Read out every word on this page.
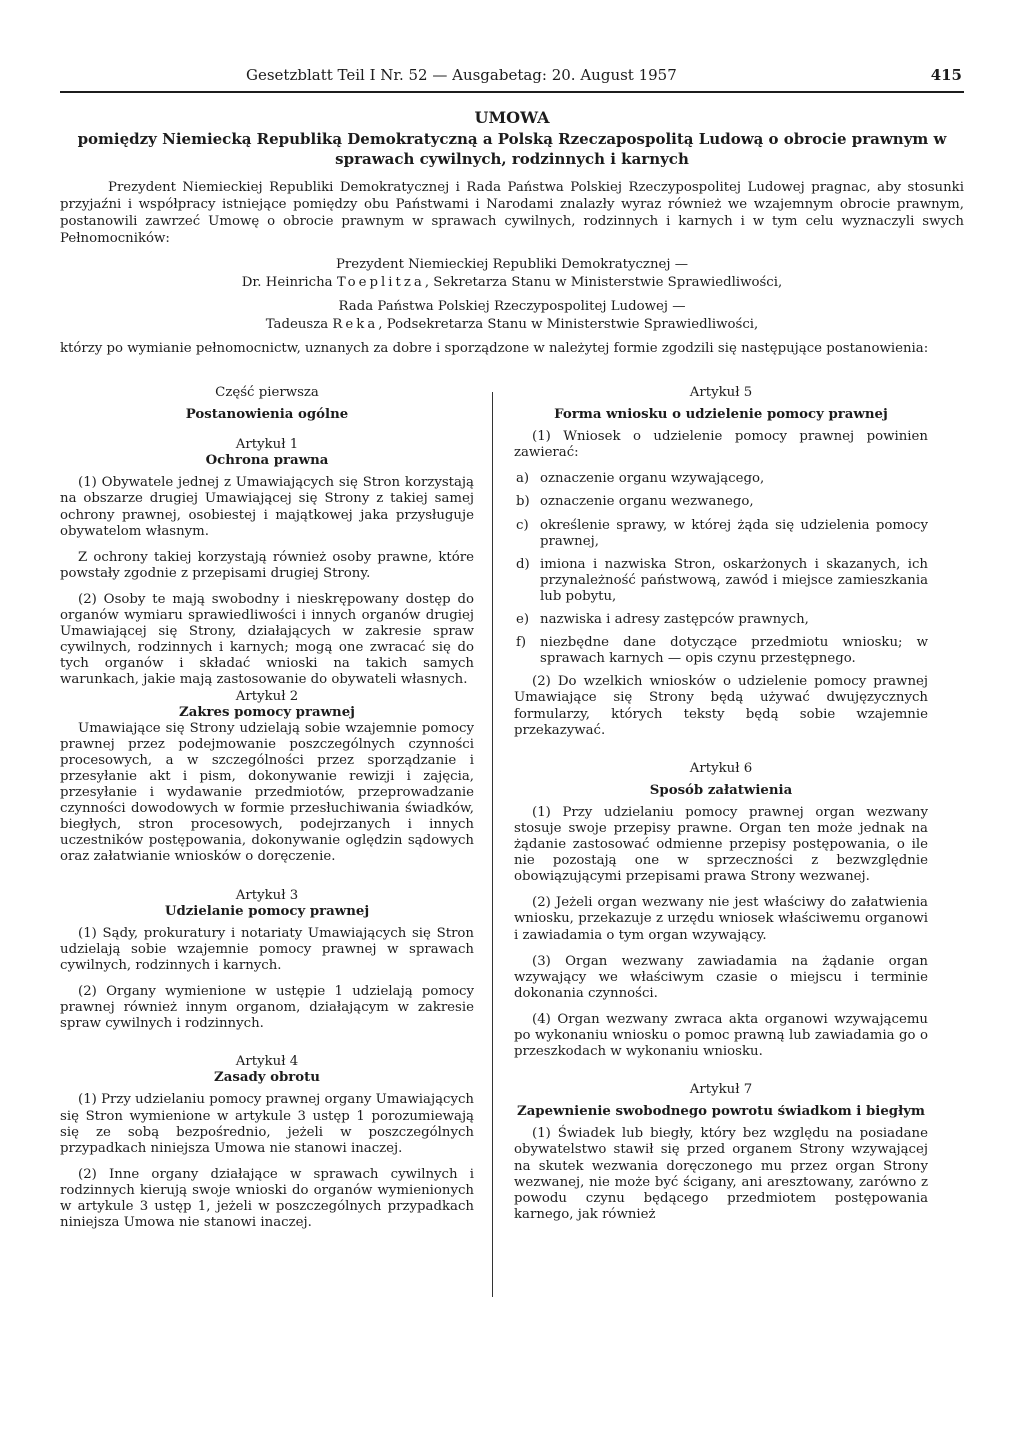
Gesetzblatt Teil I Nr. 52 — Ausgabetag: 20. August 1957	415
UMOWA
pomiędzy Niemiecką Republiką Demokratyczną a Polską Rzeczapospolitą Ludową o obrocie prawnym w sprawach cywilnych, rodzinnych i karnych
Prezydent Niemieckiej Republiki Demokratycznej i Rada Państwa Polskiej Rzeczypospolitej Ludowej pragnac, aby stosunki przyjaźni i współpracy istniejące pomiędzy obu Państwami i Narodami znalazły wyraz również we wzajemnym obrocie prawnym, postanowili zawrzeć Umowę o obrocie prawnym w sprawach cywilnych, rodzinnych i karnych i w tym celu wyznaczyli swych Pełnomocników:
Prezydent Niemieckiej Republiki Demokratycznej —
Dr. Heinricha Toeplitza, Sekretarza Stanu w Ministerstwie Sprawiedliwości,
Rada Państwa Polskiej Rzeczypospolitej Ludowej —
Tadeusza Reka, Podsekretarza Stanu w Ministerstwie Sprawiedliwości,
którzy po wymianie pełnomocnictw, uznanych za dobre i sporządzone w należytej formie zgodzili się następujące postanowienia:

Część pierwsza

Postanowienia ogólne

Artykuł 1

Ochrona prawna

(1) Obywatele jednej z Umawiających się Stron korzystają na obszarze drugiej Umawiającej się Strony z takiej samej ochrony prawnej, osobiestej i majątkowej jaka przysługuje obywatelom własnym.

Z ochrony takiej korzystają również osoby prawne, które powstały zgodnie z przepisami drugiej Strony.

(2) Osoby te mają swobodny i nieskrępowany dostęp do organów wymiaru sprawiedliwości i innych organów drugiej Umawiającej się Strony, działających w zakresie spraw cywilnych, rodzinnych i karnych; mogą one zwracać się do tych organów i składać wnioski na takich samych warunkach, jakie mają zastosowanie do obywateli własnych.

Artykuł 2

Zakres pomocy prawnej

Umawiające się Strony udzielają sobie wzajemnie pomocy prawnej przez podejmowanie poszczególnych czynności procesowych, a w szczególności przez sporządzanie i przesyłanie akt i pism, dokonywanie rewizji i zajęcia, przesyłanie i wydawanie przedmiotów, przeprowadzanie czynności dowodowych w formie przesłuchiwania świadków, biegłych, stron procesowych, podejrzanych i innych uczestników postępowania, dokonywanie oględzin sądowych oraz załatwianie wniosków o doręczenie.

Artykuł 3

Udzielanie pomocy prawnej

(1) Sądy, prokuratury i notariaty Umawiających się Stron udzielają sobie wzajemnie pomocy prawnej w sprawach cywilnych, rodzinnych i karnych.

(2) Organy wymienione w ustępie 1 udzielają pomocy prawnej również innym organom, działającym w zakresie spraw cywilnych i rodzinnych.

Artykuł 4

Zasady obrotu

(1) Przy udzielaniu pomocy prawnej organy Umawiających się Stron wymienione w artykule 3 ustęp 1 porozumiewają się ze sobą bezpośrednio, jeżeli w poszczególnych przypadkach niniejsza Umowa nie stanowi inaczej.

(2) Inne organy działające w sprawach cywilnych i rodzinnych kierują swoje wnioski do organów wymienionych w artykule 3 ustęp 1, jeżeli w poszczególnych przypadkach niniejsza Umowa nie stanowi inaczej.

Artykuł 5

Forma wniosku o udzielenie pomocy prawnej

(1) Wniosek o udzielenie pomocy prawnej powinien zawierać:

a) oznaczenie organu wzywającego,
b) oznaczenie organu wezwanego,
c) określenie sprawy, w której żąda się udzielenia pomocy prawnej,
d) imiona i nazwiska Stron, oskarżonych i skazanych, ich przynależność państwową, zawód i miejsce zamieszkania lub pobytu,
e) nazwiska i adresy zastępców prawnych,
f) niezbędne dane dotyczące przedmiotu wniosku; w sprawach karnych — opis czynu przestępnego.

(2) Do wzelkich wniosków o udzielenie pomocy prawnej Umawiające się Strony będą używać dwujęzycznych formularzy, których teksty będą sobie wzajemnie przekazywać.

Artykuł 6

Sposób załatwienia

(1) Przy udzielaniu pomocy prawnej organ wezwany stosuje swoje przepisy prawne. Organ ten może jednak na żądanie zastosować odmienne przepisy postępowania, o ile nie pozostają one w sprzeczności z bezwzględnie obowiązującymi przepisami prawa Strony wezwanej.

(2) Jeżeli organ wezwany nie jest właściwy do załatwienia wniosku, przekazuje z urzędu wniosek właściwemu organowi i zawiadamia o tym organ wzywający.

(3) Organ wezwany zawiadamia na żądanie organ wzywający we właściwym czasie o miejscu i terminie dokonania czynności.

(4) Organ wezwany zwraca akta organowi wzywającemu po wykonaniu wniosku o pomoc prawną lub zawiadamia go o przeszkodach w wykonaniu wniosku.

Artykuł 7

Zapewnienie swobodnego powrotu świadkom i biegłym

(1) Świadek lub biegły, który bez względu na posiadane obywatelstwo stawił się przed organem Strony wzywającej na skutek wezwania doręczonego mu przez organ Strony wezwanej, nie może być ścigany, ani aresztowany, zarówno z powodu czynu będącego przedmiotem postępowania karnego, jak również
